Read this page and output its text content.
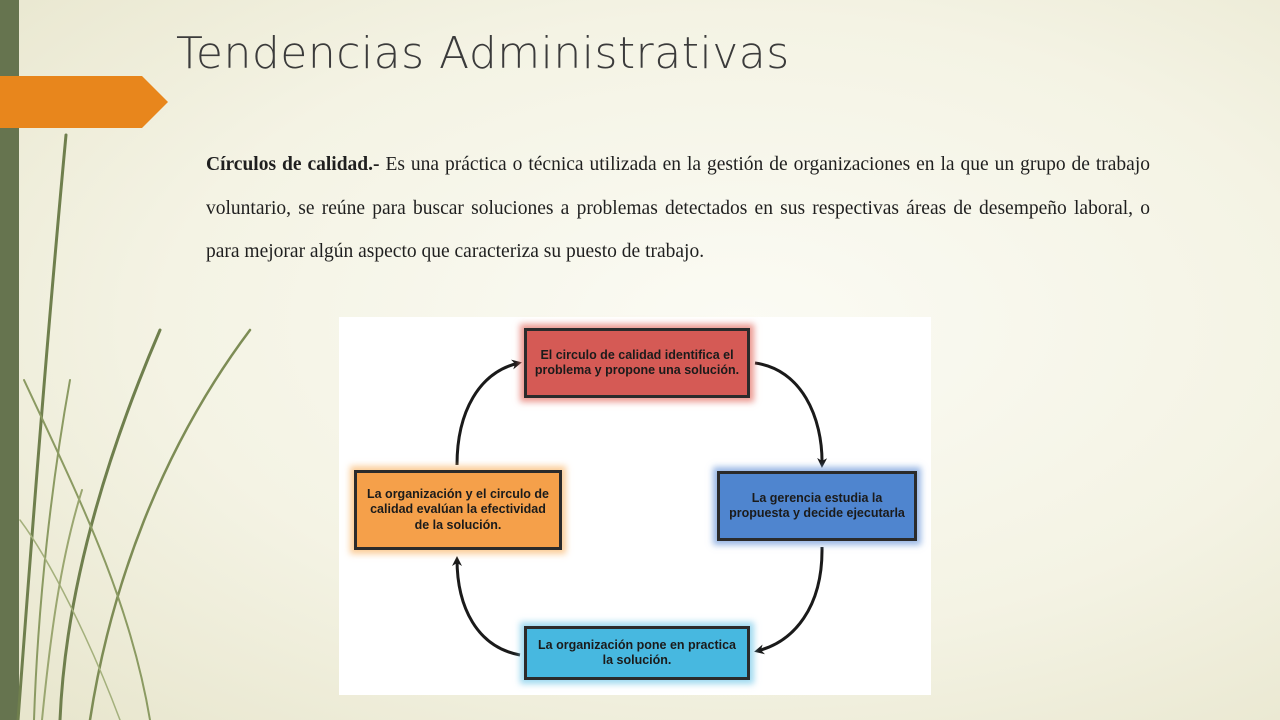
Tendencias Administrativas

Círculos de calidad.- Es una práctica o técnica utilizada en la gestión de organizaciones en la que un grupo de trabajo voluntario, se reúne para buscar soluciones a problemas detectados en sus respectivas áreas de desempeño laboral, o para mejorar algún aspecto que caracteriza su puesto de trabajo.

El circulo de calidad identifica el problema y propone una solución.
La gerencia estudia la propuesta y decide ejecutarla
La organización pone en practica la solución.
La organización y el circulo de calidad evalúan la efectividad de la solución.
